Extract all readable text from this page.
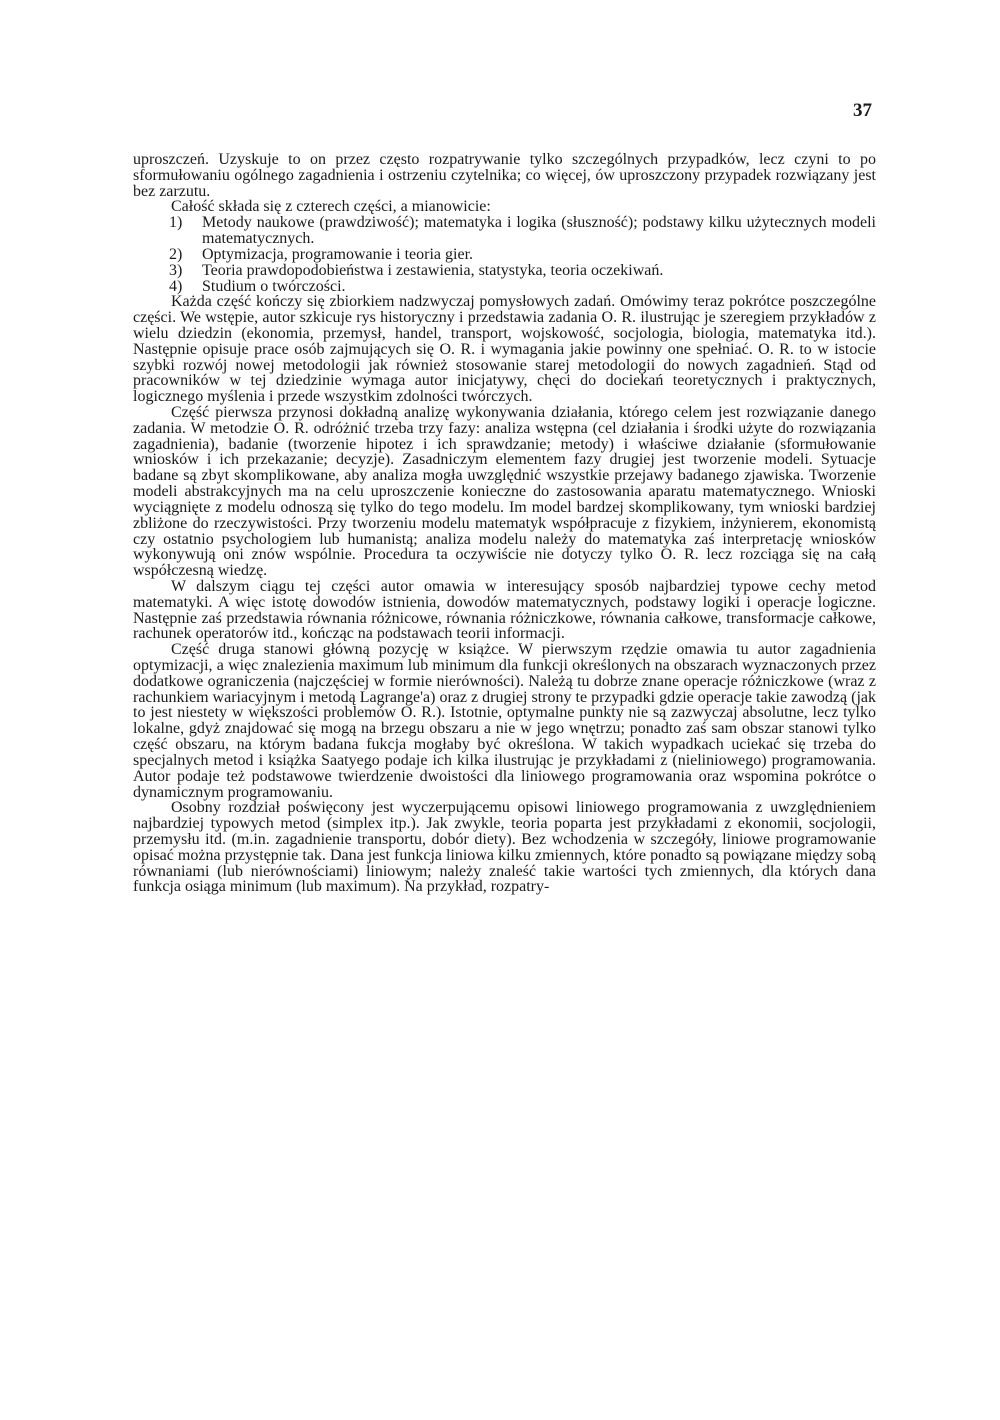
37

uproszczeń. Uzyskuje to on przez często rozpatrywanie tylko szczególnych przypadków, lecz czyni to po sformułowaniu ogólnego zagadnienia i ostrzeniu czytelnika; co więcej, ów uproszczony przypadek rozwiązany jest bez zarzutu.

Całość składa się z czterech części, a mianowicie:

1) Metody naukowe (prawdziwość); matematyka i logika (słuszność); podstawy kilku użytecznych modeli matematycznych.

2) Optymizacja, programowanie i teoria gier.

3) Teoria prawdopodobieństwa i zestawienia, statystyka, teoria oczekiwań.

4) Studium o twórczości.

Każda część kończy się zbiorkiem nadzwyczaj pomysłowych zadań. Omówimy teraz pokrótce poszczególne części. We wstępie, autor szkicuje rys historyczny i przedstawia zadania O. R. ilustrując je szeregiem przykładów z wielu dziedzin (ekonomia, przemysł, handel, transport, wojskowość, socjologia, biologia, matematyka itd.). Następnie opisuje prace osób zajmujących się O. R. i wymagania jakie powinny one spełniać. O. R. to w istocie szybki rozwój nowej metodologii jak również stosowanie starej metodologii do nowych zagadnień. Stąd od pracowników w tej dziedzinie wymaga autor inicjatywy, chęci do dociekań teoretycznych i praktycznych, logicznego myślenia i przede wszystkim zdolności twórczych.

Część pierwsza przynosi dokładną analizę wykonywania działania, którego celem jest rozwiązanie danego zadania. W metodzie O. R. odróżnić trzeba trzy fazy: analiza wstępna (cel działania i środki użyte do rozwiązania zagadnienia), badanie (tworzenie hipotez i ich sprawdzanie; metody) i właściwe działanie (sformułowanie wniosków i ich przekazanie; decyzje). Zasadniczym elementem fazy drugiej jest tworzenie modeli. Sytuacje badane są zbyt skomplikowane, aby analiza mogła uwzględnić wszystkie przejawy badanego zjawiska. Tworzenie modeli abstrakcyjnych ma na celu uproszczenie konieczne do zastosowania aparatu matematycznego. Wnioski wyciągnięte z modelu odnoszą się tylko do tego modelu. Im model bardzej skomplikowany, tym wnioski bardziej zbliżone do rzeczywistości. Przy tworzeniu modelu matematyk współpracuje z fizykiem, inżynierem, ekonomistą czy ostatnio psychologiem lub humanistą; analiza modelu należy do matematyka zaś interpretację wniosków wykonywują oni znów wspólnie. Procedura ta oczywiście nie dotyczy tylko O. R. lecz rozciąga się na całą współczesną wiedzę.

W dalszym ciągu tej części autor omawia w interesujący sposób najbardziej typowe cechy metod matematyki. A więc istotę dowodów istnienia, dowodów matematycznych, podstawy logiki i operacje logiczne. Następnie zaś przedstawia równania różnicowe, równania różniczkowe, równania całkowe, transformacje całkowe, rachunek operatorów itd., kończąc na podstawach teorii informacji.

Część druga stanowi główną pozycję w książce. W pierwszym rzędzie omawia tu autor zagadnienia optymizacji, a więc znalezienia maximum lub minimum dla funkcji określonych na obszarach wyznaczonych przez dodatkowe ograniczenia (najczęściej w formie nierówności). Należą tu dobrze znane operacje różniczkowe (wraz z rachunkiem wariacyjnym i metodą Lagrange'a) oraz z drugiej strony te przypadki gdzie operacje takie zawodzą (jak to jest niestety w większości problemów O. R.). Istotnie, optymalne punkty nie są zazwyczaj absolutne, lecz tylko lokalne, gdyż znajdować się mogą na brzegu obszaru a nie w jego wnętrzu; ponadto zaś sam obszar stanowi tylko część obszaru, na którym badana fukcja mogłaby być określona. W takich wypadkach uciekać się trzeba do specjalnych metod i książka Saatyego podaje ich kilka ilustrując je przykładami z (nieliniowego) programowania. Autor podaje też podstawowe twierdzenie dwoistości dla liniowego programowania oraz wspomina pokrótce o dynamicznym programowaniu.

Osobny rozdział poświęcony jest wyczerpującemu opisowi liniowego programowania z uwzględnieniem najbardziej typowych metod (simplex itp.). Jak zwykle, teoria poparta jest przykładami z ekonomii, socjologii, przemysłu itd. (m.in. zagadnienie transportu, dobór diety). Bez wchodzenia w szczegóły, liniowe programowanie opisać można przystępnie tak. Dana jest funkcja liniowa kilku zmiennych, które ponadto są powiązane między sobą równaniami (lub nierównościami) liniowym; należy znaleść takie wartości tych zmiennych, dla których dana funkcja osiąga minimum (lub maximum). Na przykład, rozpatry-
